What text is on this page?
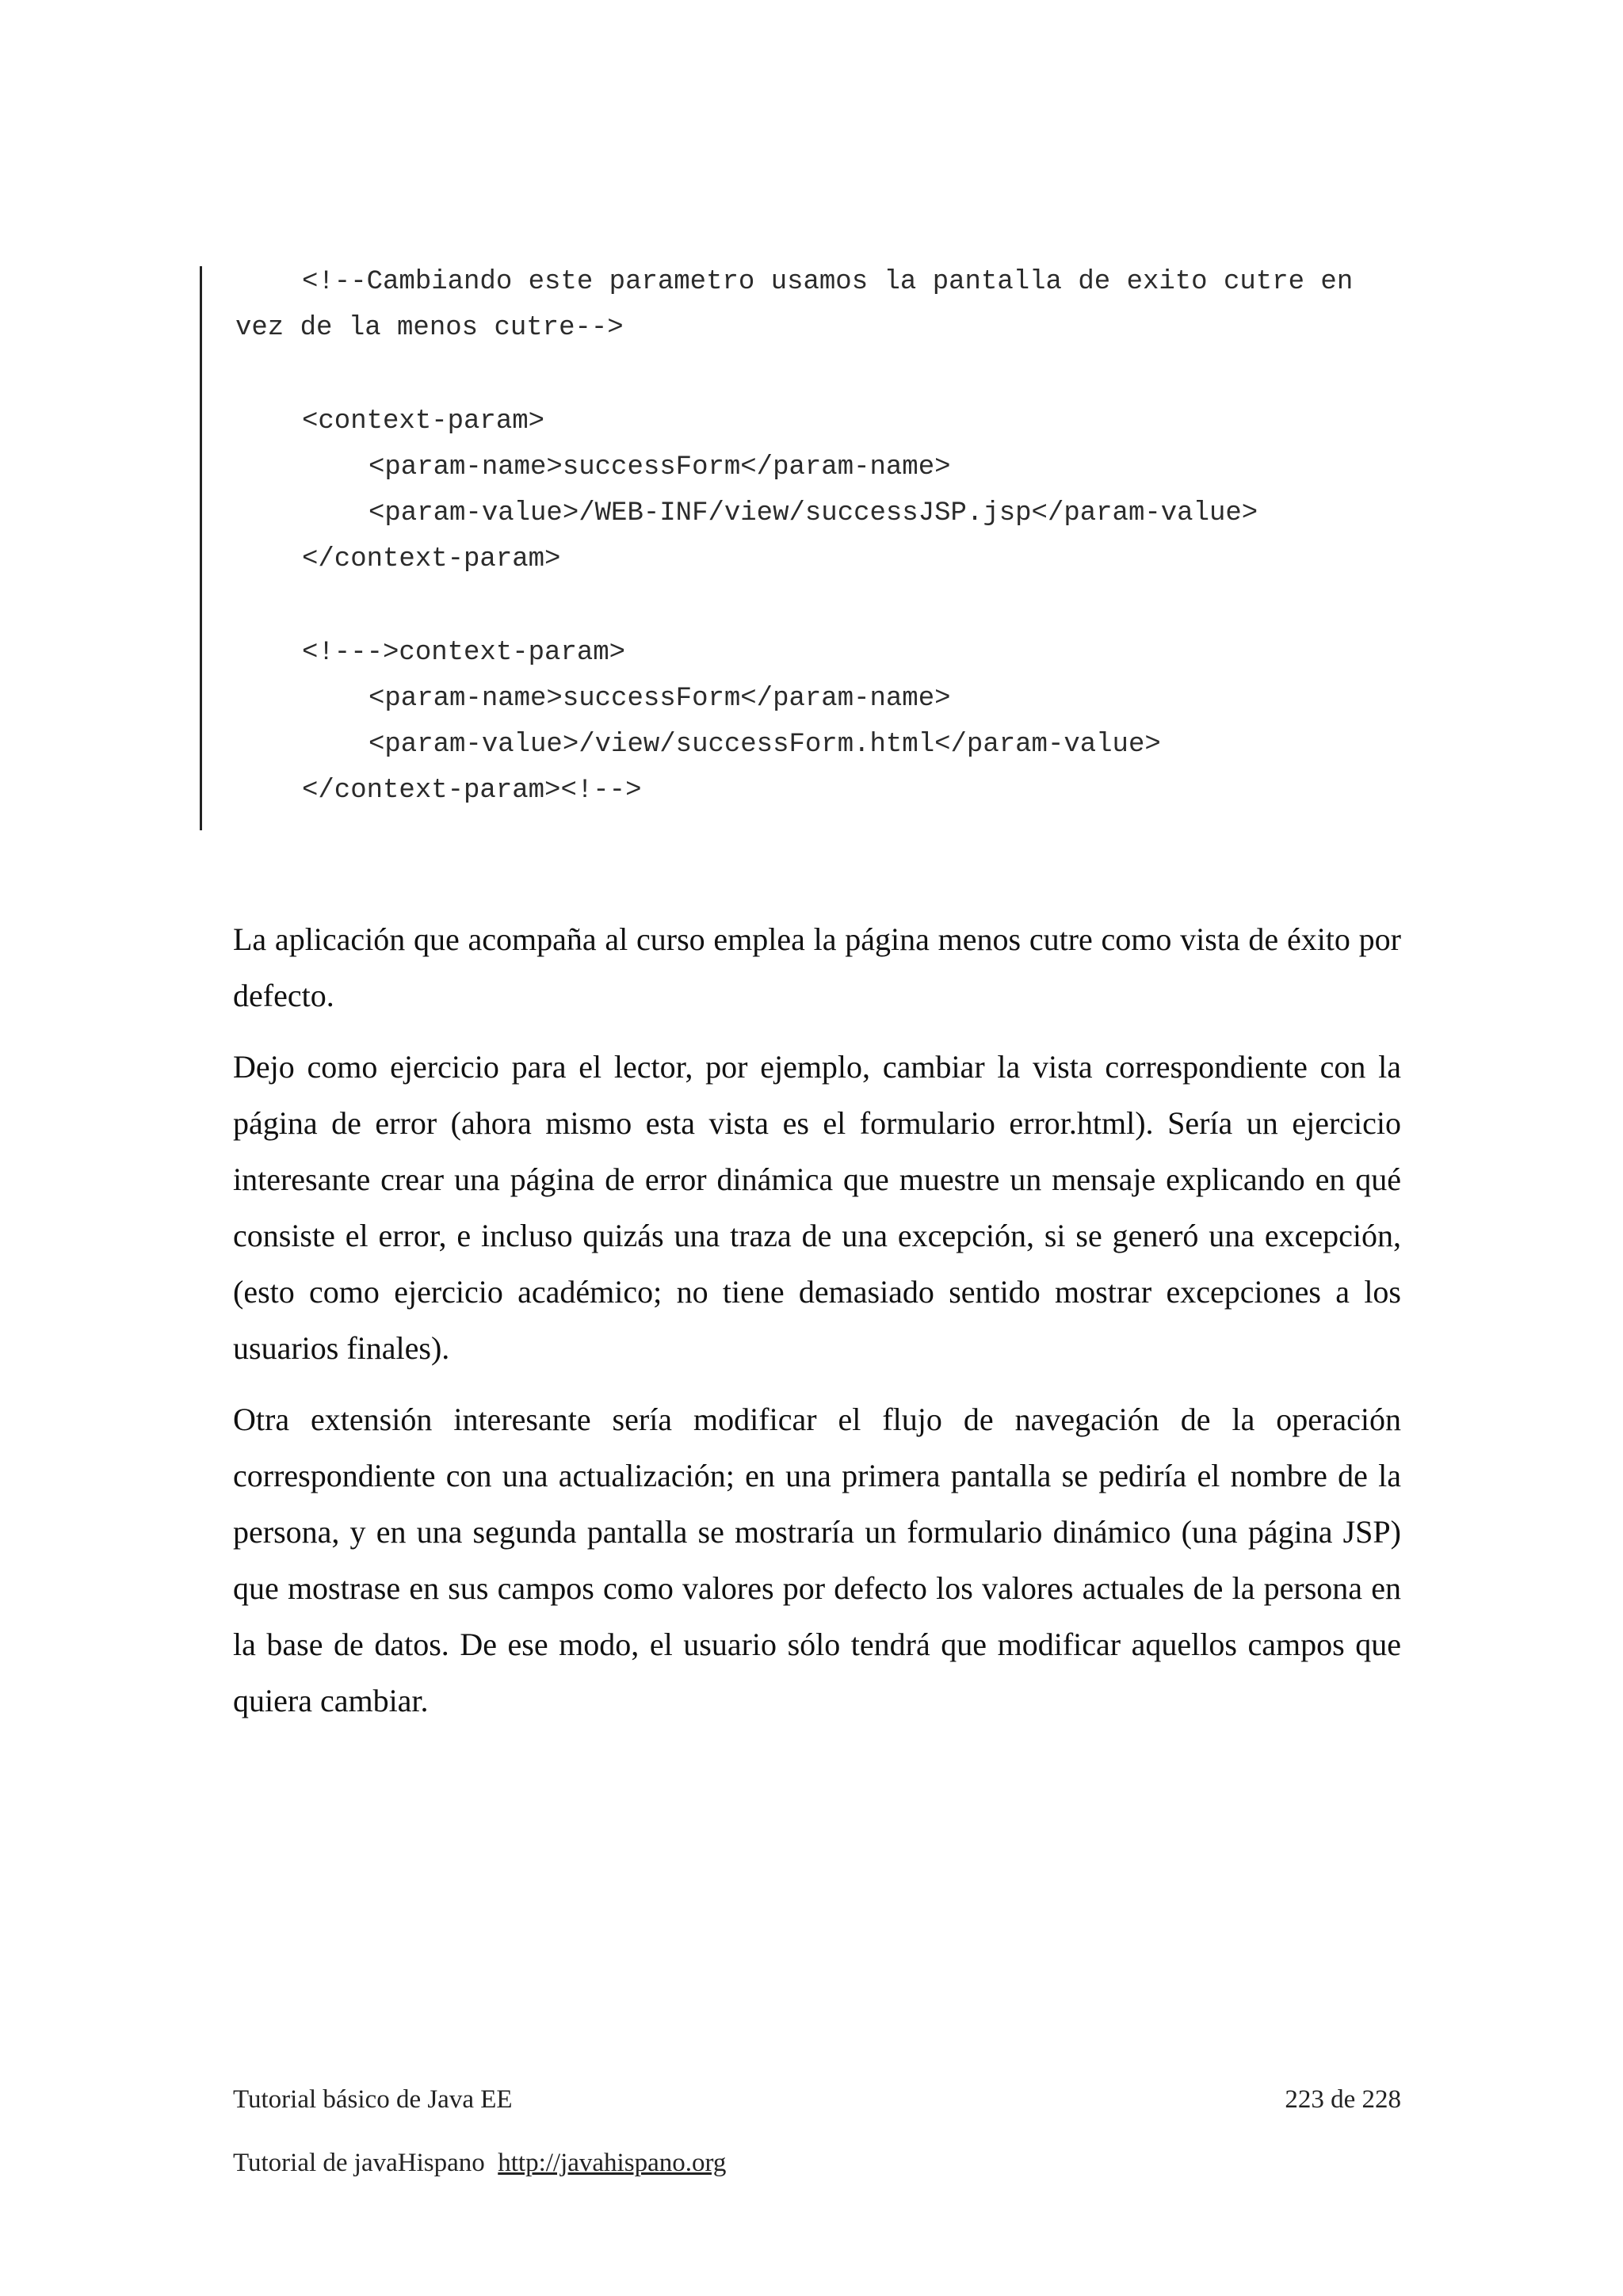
<!--Cambiando este parametro usamos la pantalla de exito cutre en
vez de la menos cutre-->
<context-param>
<param-name>successForm</param-name>
<param-value>/WEB-INF/view/successJSP.jsp</param-value>
</context-param>
<!--->context-param>
<param-name>successForm</param-name>
<param-value>/view/successForm.html</param-value>
</context-param><!-->

La aplicación que acompaña al curso emplea la página menos cutre como vista de éxito por defecto.

Dejo como ejercicio para el lector, por ejemplo, cambiar la vista correspondiente con la página de error (ahora mismo esta vista es el formulario error.html). Sería un ejercicio interesante crear una página de error dinámica que muestre un mensaje explicando en qué consiste el error, e incluso quizás una traza de una excepción, si se generó una excepción, (esto como ejercicio académico; no tiene demasiado sentido mostrar excepciones a los usuarios finales).

Otra extensión interesante sería modificar el flujo de navegación de la operación correspondiente con una actualización; en una primera pantalla se pediría el nombre de la persona, y en una segunda pantalla se mostraría un formulario dinámico (una página JSP) que mostrase en sus campos como valores por defecto los valores actuales de la persona en la base de datos. De ese modo, el usuario sólo tendrá que modificar aquellos campos que quiera cambiar.

Tutorial básico de Java EE	223 de 228
Tutorial de javaHispano http://javahispano.org
